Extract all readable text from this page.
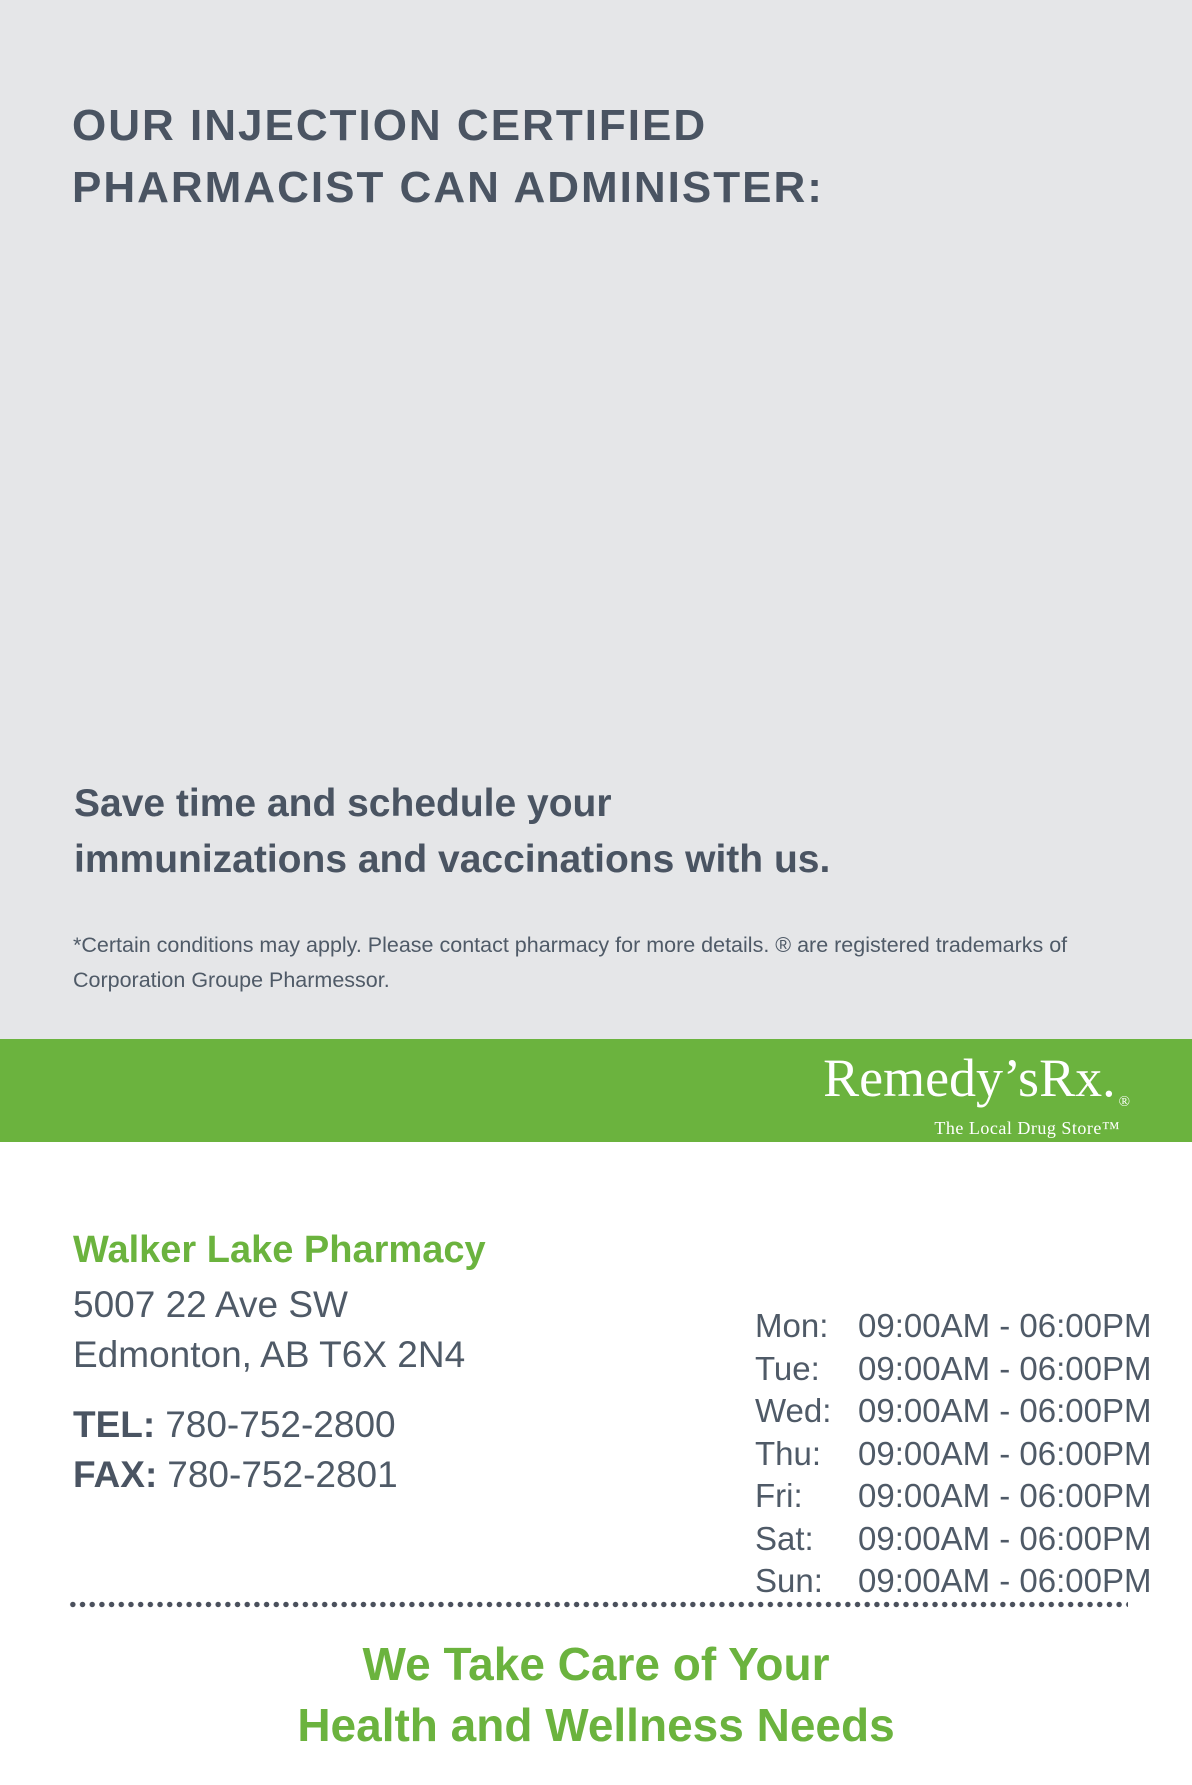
OUR INJECTION CERTIFIED
PHARMACIST CAN ADMINISTER:
Save time and schedule your
immunizations and vaccinations with us.

*Certain conditions may apply. Please contact pharmacy for more details. ® are registered trademarks of
Corporation Groupe Pharmessor.

Remedy’sRx. ®
The Local Drug Store™
Walker Lake Pharmacy
5007 22 Ave SW
Edmonton, AB T6X 2N4
TEL: 780-752-2800
FAX: 780-752-2801
Mon: 09:00AM - 06:00PM
Tue:	09:00AM - 06:00PM
Wed: 09:00AM - 06:00PM
Thu:	09:00AM - 06:00PM
Fri:	09:00AM - 06:00PM
Sat:	09:00AM - 06:00PM
Sun:	09:00AM - 06:00PM
We Take Care of Your
Health and Wellness Needs
